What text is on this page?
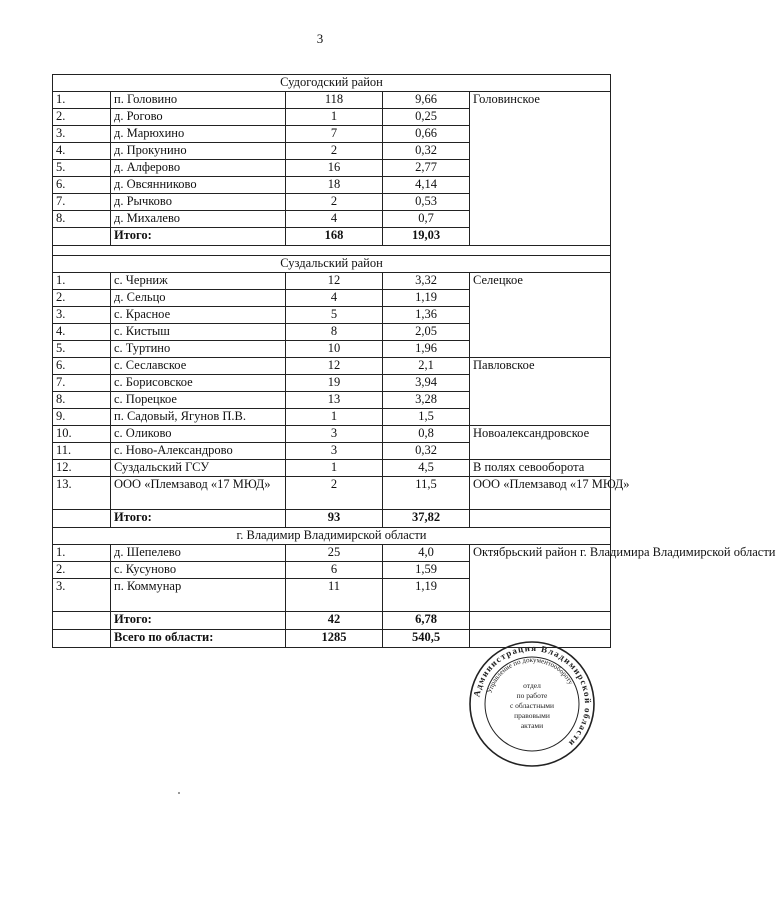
3
Судогодский район				
1.	п. Головино	118	9,66	Головинское
2.	д. Рогово	1	0,25	
3.	д. Марюхино	7	0,66	
4.	д. Прокунино	2	0,32	
5.	д. Алферово	16	2,77	
6.	д. Овсянниково	18	4,14	
7.	д. Рычково	2	0,53	
8.	д. Михалево	4	0,7	
	Итого:	168	19,03	

Суздальский район				
1.	с. Черниж	12	3,32	Селецкое
2.	д. Сельцо	4	1,19	
3.	с. Красное	5	1,36	
4.	с. Кистыш	8	2,05	
5.	с. Туртино	10	1,96	
6.	с. Сеславское	12	2,1	Павловское
7.	с. Борисовское	19	3,94	
8.	с. Порецкое	13	3,28	
9.	п. Садовый, Ягунов П.В.	1	1,5	
10.	с. Оликово	3	0,8	Новоалександровское
11.	с. Ново-Александрово	3	0,32	
12.	Суздальский ГСУ	1	4,5	В полях севооборота
13.	ООО «Племзавод «17 МЮД»	2	11,5	ООО «Племзавод «17 МЮД»
	Итого:	93	37,82	
г. Владимир Владимирской области				
1.	д. Шепелево	25	4,0	Октябрьский район г. Владимира Владимирской области
2.	с. Кусуново	6	1,59	
3.	п. Коммунар	11	1,19	
	Итого:	42	6,78	
	Всего по области:	1285	540,5	
Администрация Владимирской области
Управление по документообороту
отдел
по работе
с областными
правовыми
актами
